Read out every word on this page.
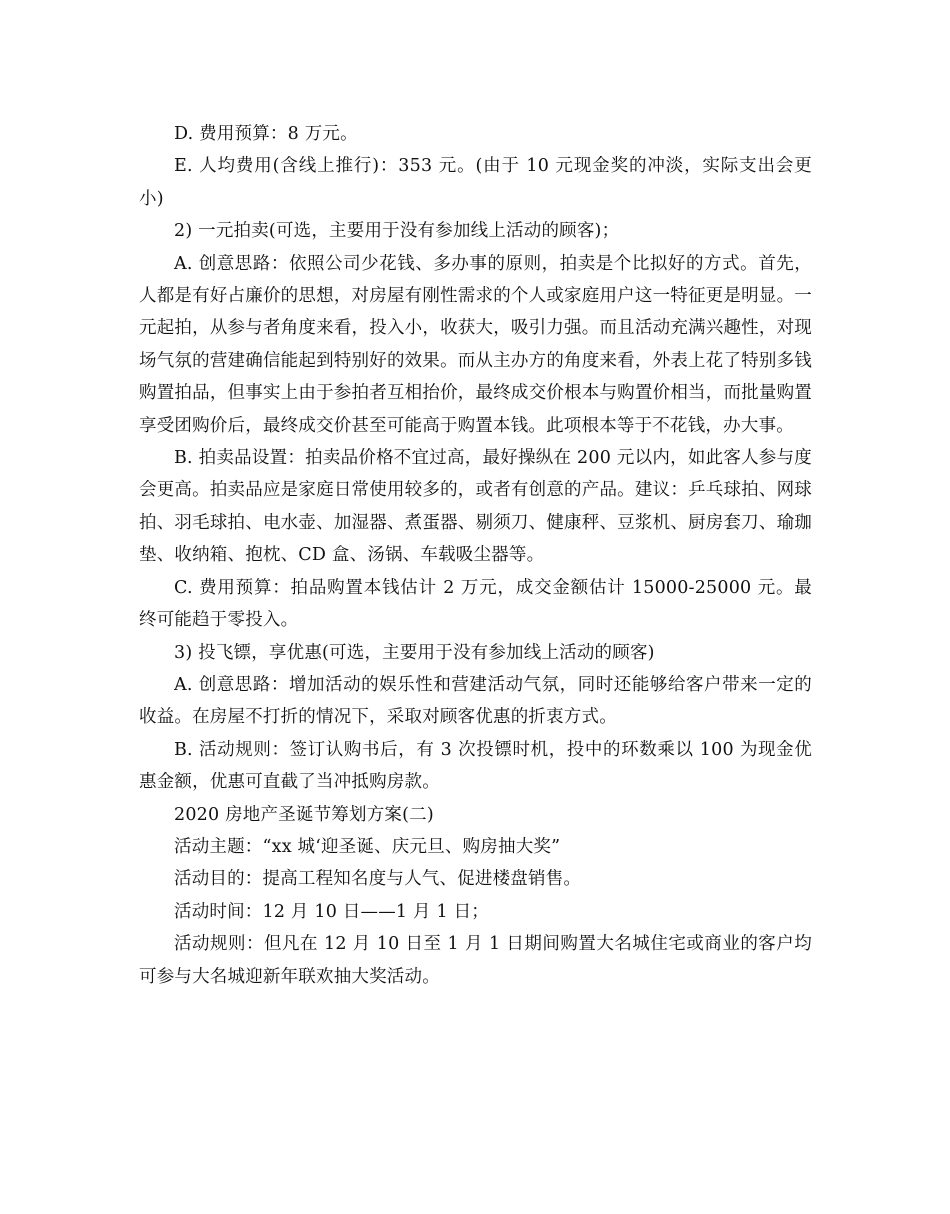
D. 费用预算：8 万元。

E. 人均费用(含线上推行)：353 元。(由于 10 元现金奖的冲淡，实际支出会更小)

2) 一元拍卖(可选，主要用于没有参加线上活动的顾客)；

A. 创意思路：依照公司少花钱、多办事的原则，拍卖是个比拟好的方式。首先，人都是有好占廉价的思想，对房屋有刚性需求的个人或家庭用户这一特征更是明显。一元起拍，从参与者角度来看，投入小，收获大，吸引力强。而且活动充满兴趣性，对现场气氛的营建确信能起到特别好的效果。而从主办方的角度来看，外表上花了特别多钱购置拍品，但事实上由于参拍者互相抬价，最终成交价根本与购置价相当，而批量购置享受团购价后，最终成交价甚至可能高于购置本钱。此项根本等于不花钱，办大事。

B. 拍卖品设置：拍卖品价格不宜过高，最好操纵在 200 元以内，如此客人参与度会更高。拍卖品应是家庭日常使用较多的，或者有创意的产品。建议：乒乓球拍、网球拍、羽毛球拍、电水壶、加湿器、煮蛋器、剔须刀、健康秤、豆浆机、厨房套刀、瑜珈垫、收纳箱、抱枕、CD 盒、汤锅、车载吸尘器等。

C. 费用预算：拍品购置本钱估计 2 万元，成交金额估计 15000-25000 元。最终可能趋于零投入。

3) 投飞镖，享优惠(可选，主要用于没有参加线上活动的顾客)

A. 创意思路：增加活动的娱乐性和营建活动气氛，同时还能够给客户带来一定的收益。在房屋不打折的情况下，采取对顾客优惠的折衷方式。

B. 活动规则：签订认购书后，有 3 次投镖时机，投中的环数乘以 100 为现金优惠金额，优惠可直截了当冲抵购房款。

2020 房地产圣诞节筹划方案(二)

活动主题：“xx 城‘迎圣诞、庆元旦、购房抽大奖”

活动目的：提高工程知名度与人气、促进楼盘销售。

活动时间：12 月 10 日——1 月 1 日；

活动规则：但凡在 12 月 10 日至 1 月 1 日期间购置大名城住宅或商业的客户均可参与大名城迎新年联欢抽大奖活动。
